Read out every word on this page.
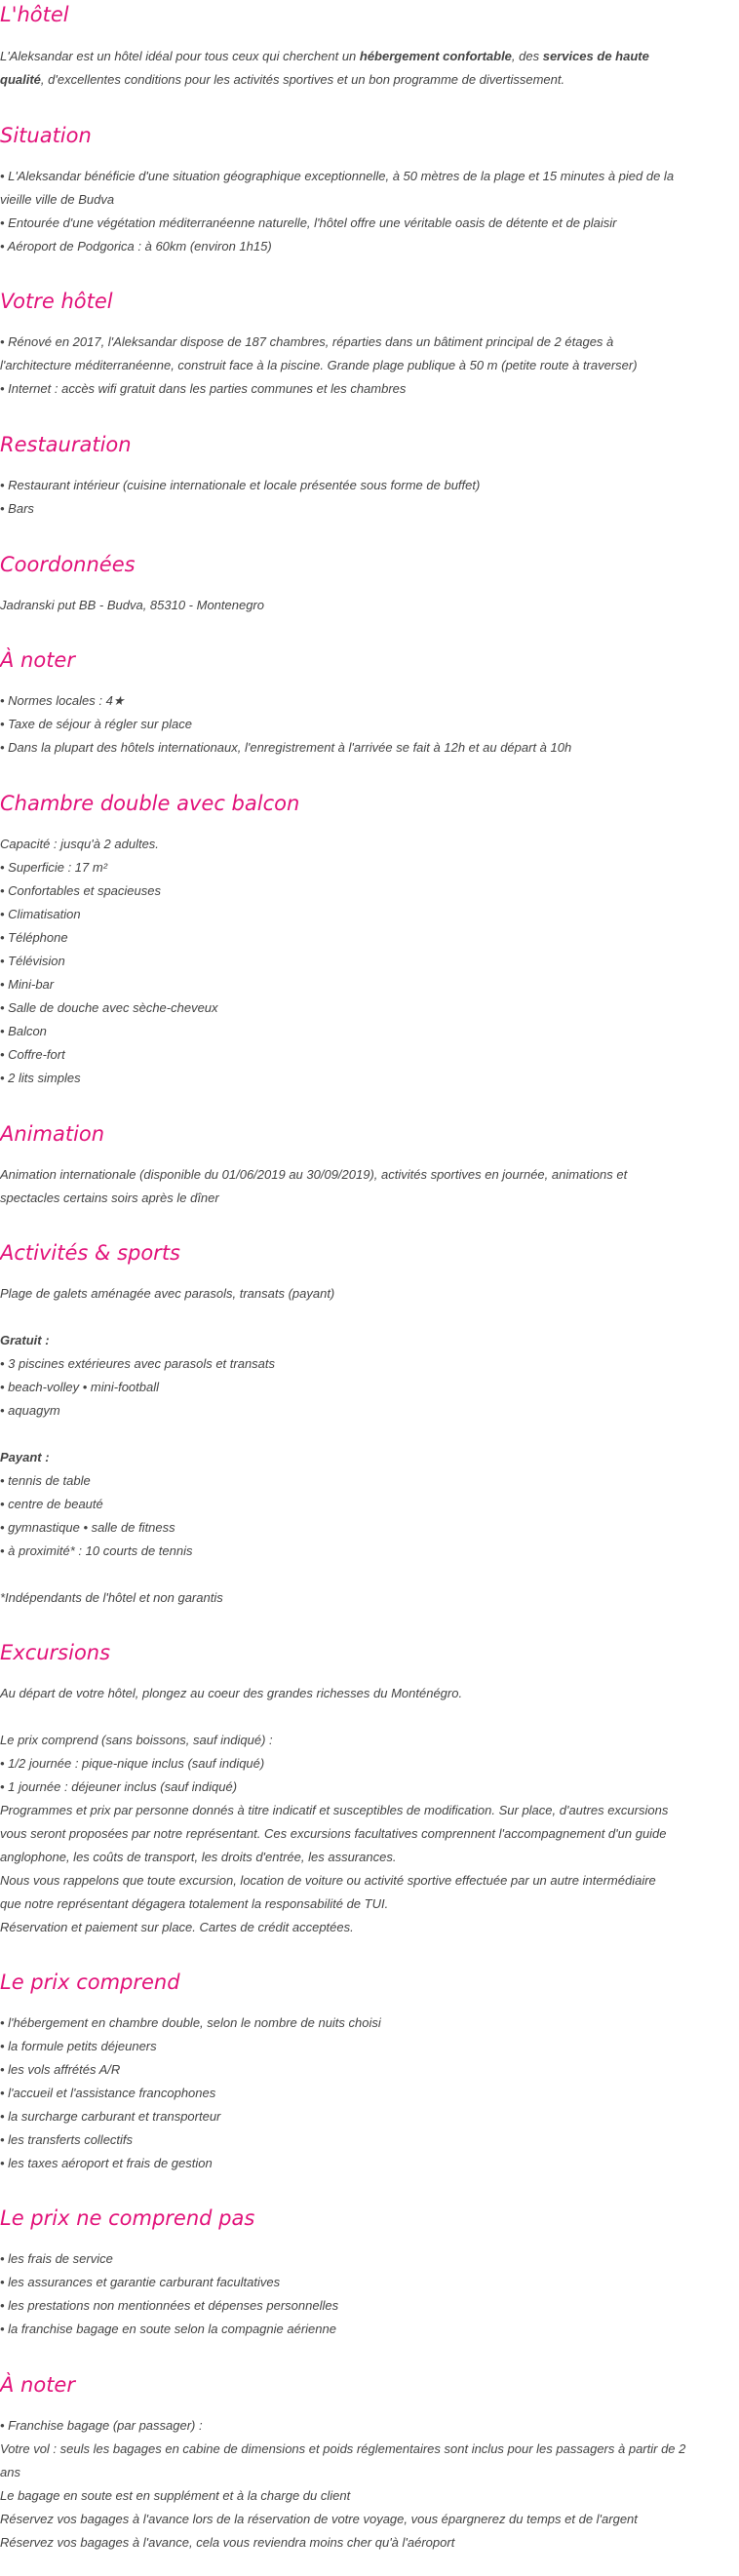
L'hôtel
L'Aleksandar est un hôtel idéal pour tous ceux qui cherchent un hébergement confortable, des services de haute
qualité, d'excellentes conditions pour les activités sportives et un bon programme de divertissement.
Situation
• L'Aleksandar bénéficie d'une situation géographique exceptionnelle, à 50 mètres de la plage et 15 minutes à pied de la
vieille ville de Budva
• Entourée d'une végétation méditerranéenne naturelle, l'hôtel offre une véritable oasis de détente et de plaisir
• Aéroport de Podgorica : à 60km (environ 1h15)
Votre hôtel
• Rénové en 2017, l'Aleksandar dispose de 187 chambres, réparties dans un bâtiment principal de 2 étages à
l'architecture méditerranéenne, construit face à la piscine. Grande plage publique à 50 m (petite route à traverser)
• Internet : accès wifi gratuit dans les parties communes et les chambres
Restauration
• Restaurant intérieur (cuisine internationale et locale présentée sous forme de buffet)
• Bars
Coordonnées
Jadranski put BB - Budva, 85310 - Montenegro
À noter
• Normes locales : 4★
• Taxe de séjour à régler sur place
• Dans la plupart des hôtels internationaux, l'enregistrement à l'arrivée se fait à 12h et au départ à 10h
Chambre double avec balcon
Capacité : jusqu'à 2 adultes.
• Superficie : 17 m²
• Confortables et spacieuses
• Climatisation
• Téléphone
• Télévision
• Mini-bar
• Salle de douche avec sèche-cheveux
• Balcon
• Coffre-fort
• 2 lits simples
Animation
Animation internationale (disponible du 01/06/2019 au 30/09/2019), activités sportives en journée, animations et
spectacles certains soirs après le dîner
Activités & sports
Plage de galets aménagée avec parasols, transats (payant)
Gratuit :
• 3 piscines extérieures avec parasols et transats
• beach-volley • mini-football
• aquagym
Payant :
• tennis de table
• centre de beauté
• gymnastique • salle de fitness
• à proximité* : 10 courts de tennis
*Indépendants de l'hôtel et non garantis
Excursions
Au départ de votre hôtel, plongez au coeur des grandes richesses du Monténégro.
Le prix comprend (sans boissons, sauf indiqué) :
• 1/2 journée : pique-nique inclus (sauf indiqué)
• 1 journée : déjeuner inclus (sauf indiqué)
Programmes et prix par personne donnés à titre indicatif et susceptibles de modification. Sur place, d'autres excursions
vous seront proposées par notre représentant. Ces excursions facultatives comprennent l'accompagnement d'un guide
anglophone, les coûts de transport, les droits d'entrée, les assurances.
Nous vous rappelons que toute excursion, location de voiture ou activité sportive effectuée par un autre intermédiaire
que notre représentant dégagera totalement la responsabilité de TUI.
Réservation et paiement sur place. Cartes de crédit acceptées.
Le prix comprend
• l'hébergement en chambre double, selon le nombre de nuits choisi
• la formule petits déjeuners
• les vols affrétés A/R
• l'accueil et l'assistance francophones
• la surcharge carburant et transporteur
• les transferts collectifs
• les taxes aéroport et frais de gestion
Le prix ne comprend pas
• les frais de service
• les assurances et garantie carburant facultatives
• les prestations non mentionnées et dépenses personnelles
• la franchise bagage en soute selon la compagnie aérienne
À noter
• Franchise bagage (par passager) :
Votre vol : seuls les bagages en cabine de dimensions et poids réglementaires sont inclus pour les passagers à partir de 2
ans
Le bagage en soute est en supplément et à la charge du client
Réservez vos bagages à l'avance lors de la réservation de votre voyage, vous épargnerez du temps et de l'argent
Réservez vos bagages à l'avance, cela vous reviendra moins cher qu'à l'aéroport
